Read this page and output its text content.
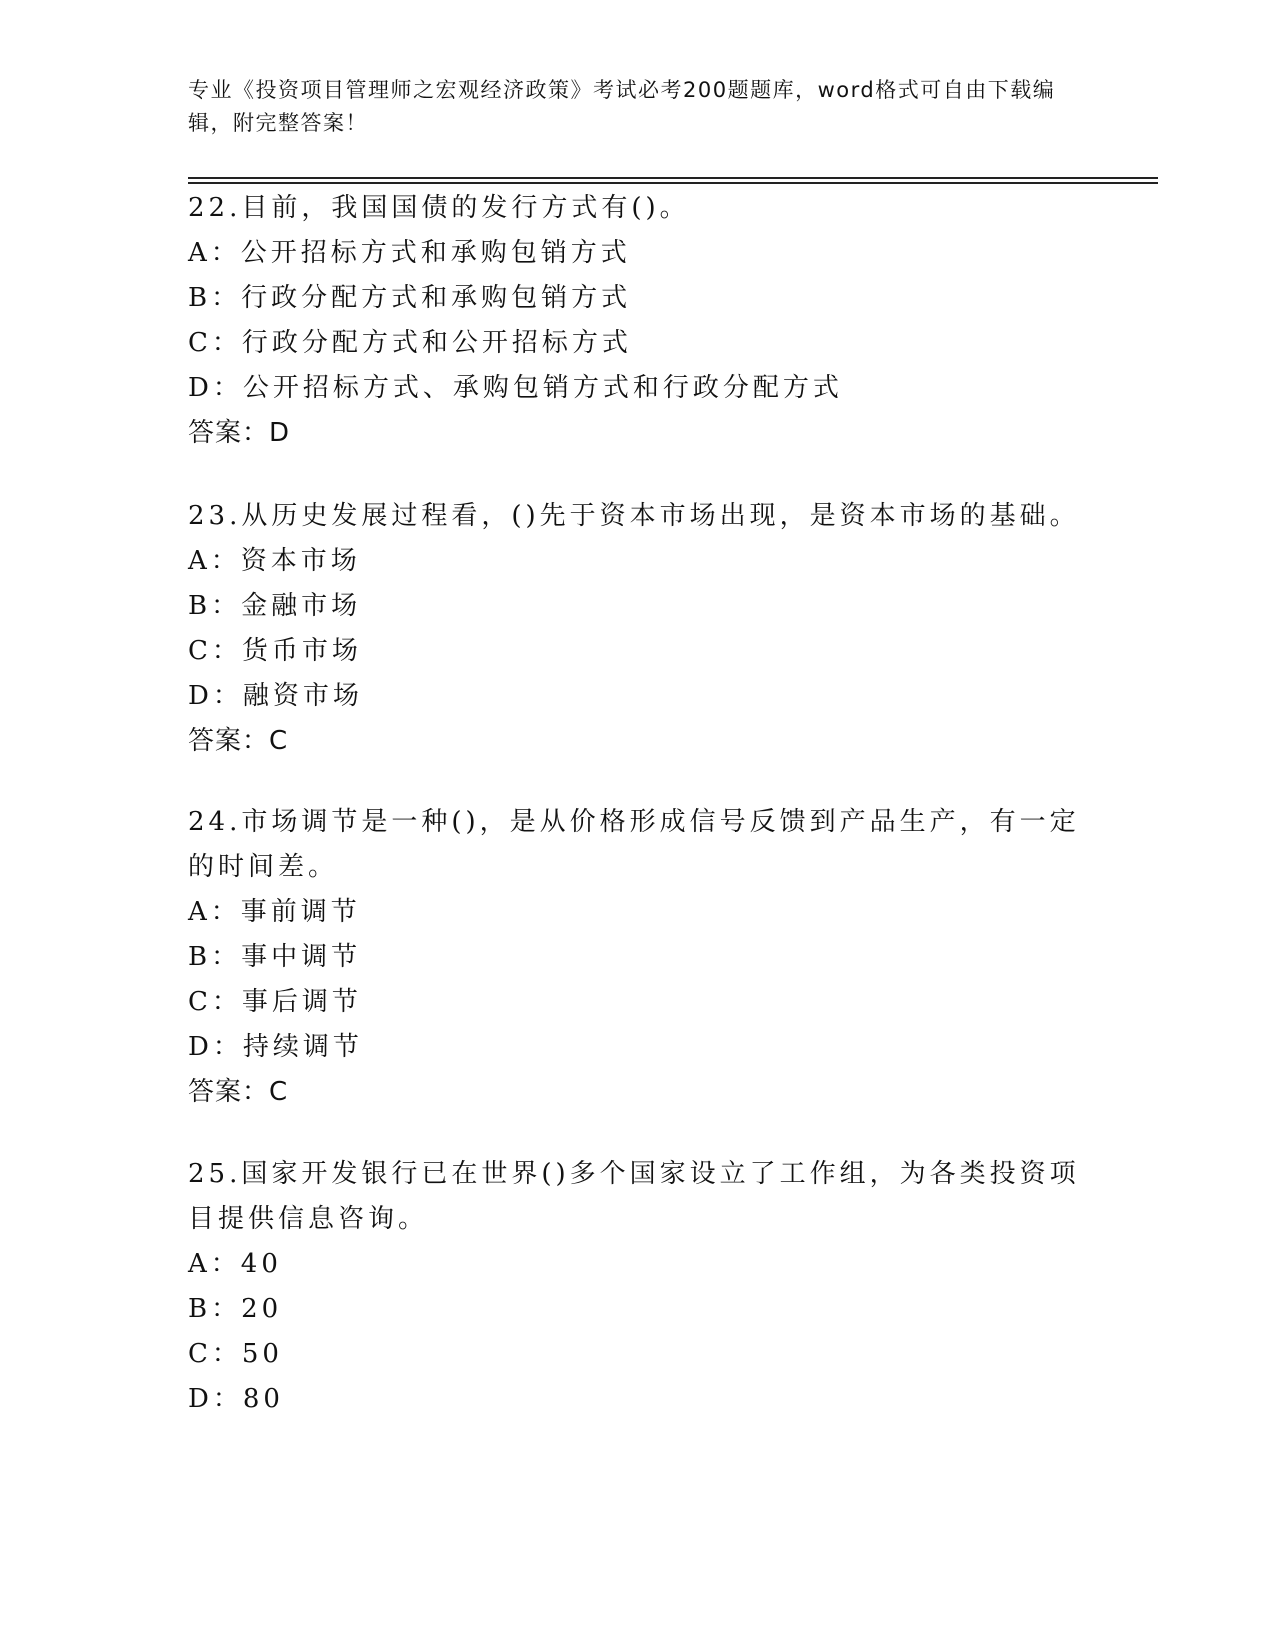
专业《投资项目管理师之宏观经济政策》考试必考200题题库，word格式可自由下载编辑，附完整答案！

22.目前，我国国债的发行方式有()。

A：公开招标方式和承购包销方式

B：行政分配方式和承购包销方式

C：行政分配方式和公开招标方式

D：公开招标方式、承购包销方式和行政分配方式

答案：D

23.从历史发展过程看，()先于资本市场出现，是资本市场的基础。

A：资本市场

B：金融市场

C：货币市场

D：融资市场

答案：C

24.市场调节是一种()，是从价格形成信号反馈到产品生产，有一定的时间差。

A：事前调节

B：事中调节

C：事后调节

D：持续调节

答案：C

25.国家开发银行已在世界()多个国家设立了工作组，为各类投资项目提供信息咨询。

A：40

B：20

C：50

D：80
